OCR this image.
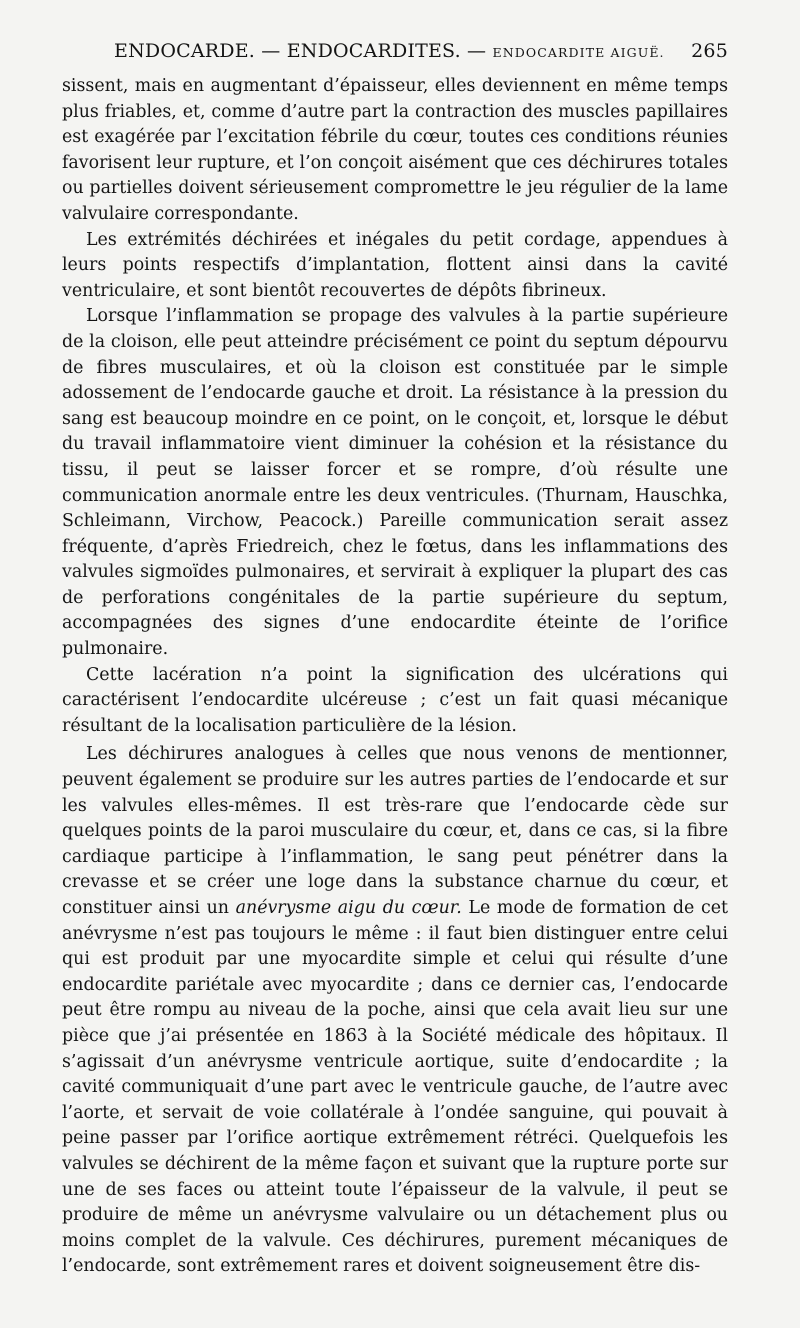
ENDOCARDE. — ENDOCARDITES. — ENDOCARDITE AIGUË. 265

sissent, mais en augmentant d’épaisseur, elles deviennent en même temps plus friables, et, comme d’autre part la contraction des muscles papillaires est exagérée par l’excitation fébrile du cœur, toutes ces conditions réunies favorisent leur rupture, et l’on conçoit aisément que ces déchirures totales ou partielles doivent sérieusement compromettre le jeu régulier de la lame valvulaire correspondante.

Les extrémités déchirées et inégales du petit cordage, appendues à leurs points respectifs d’implantation, flottent ainsi dans la cavité ventriculaire, et sont bientôt recouvertes de dépôts fibrineux.

Lorsque l’inflammation se propage des valvules à la partie supérieure de la cloison, elle peut atteindre précisément ce point du septum dépourvu de fibres musculaires, et où la cloison est constituée par le simple adossement de l’endocarde gauche et droit. La résistance à la pression du sang est beaucoup moindre en ce point, on le conçoit, et, lorsque le début du travail inflammatoire vient diminuer la cohésion et la résistance du tissu, il peut se laisser forcer et se rompre, d’où résulte une communication anormale entre les deux ventricules. (Thurnam, Hauschka, Schleimann, Virchow, Peacock.) Pareille communication serait assez fréquente, d’après Friedreich, chez le fœtus, dans les inflammations des valvules sigmoïdes pulmonaires, et servirait à expliquer la plupart des cas de perforations congénitales de la partie supérieure du septum, accompagnées des signes d’une endocardite éteinte de l’orifice pulmonaire.

Cette lacération n’a point la signification des ulcérations qui caractérisent l’endocardite ulcéreuse ; c’est un fait quasi mécanique résultant de la localisation particulière de la lésion.

Les déchirures analogues à celles que nous venons de mentionner, peuvent également se produire sur les autres parties de l’endocarde et sur les valvules elles-mêmes. Il est très-rare que l’endocarde cède sur quelques points de la paroi musculaire du cœur, et, dans ce cas, si la fibre cardiaque participe à l’inflammation, le sang peut pénétrer dans la crevasse et se créer une loge dans la substance charnue du cœur, et constituer ainsi un anévrysme aigu du cœur. Le mode de formation de cet anévrysme n’est pas toujours le même : il faut bien distinguer entre celui qui est produit par une myocardite simple et celui qui résulte d’une endocardite pariétale avec myocardite ; dans ce dernier cas, l’endocarde peut être rompu au niveau de la poche, ainsi que cela avait lieu sur une pièce que j’ai présentée en 1863 à la Société médicale des hôpitaux. Il s’agissait d’un anévrysme ventricule aortique, suite d’endocardite ; la cavité communiquait d’une part avec le ventricule gauche, de l’autre avec l’aorte, et servait de voie collatérale à l’ondée sanguine, qui pouvait à peine passer par l’orifice aortique extrêmement rétréci. Quelquefois les valvules se déchirent de la même façon et suivant que la rupture porte sur une de ses faces ou atteint toute l’épaisseur de la valvule, il peut se produire de même un anévrysme valvulaire ou un détachement plus ou moins complet de la valvule. Ces déchirures, purement mécaniques de l’endocarde, sont extrêmement rares et doivent soigneusement être dis-
